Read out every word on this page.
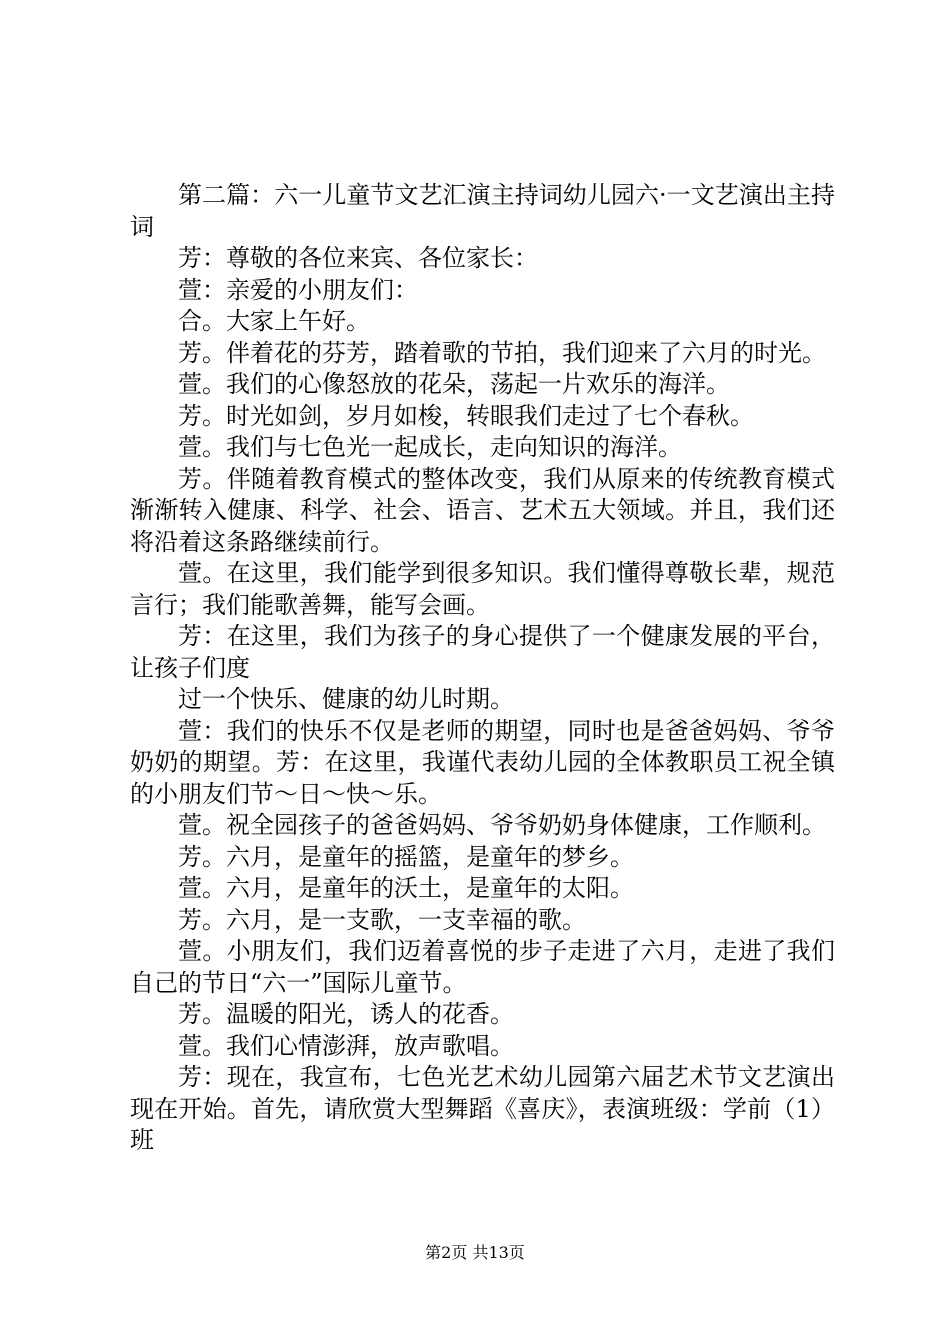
第二篇：六一儿童节文艺汇演主持词幼儿园六·一文艺演出主持词

芳：尊敬的各位来宾、各位家长：

萱：亲爱的小朋友们：

合。大家上午好。

芳。伴着花的芬芳，踏着歌的节拍，我们迎来了六月的时光。

萱。我们的心像怒放的花朵，荡起一片欢乐的海洋。

芳。时光如剑，岁月如梭，转眼我们走过了七个春秋。

萱。我们与七色光一起成长，走向知识的海洋。

芳。伴随着教育模式的整体改变，我们从原来的传统教育模式渐渐转入健康、科学、社会、语言、艺术五大领域。并且，我们还将沿着这条路继续前行。

萱。在这里，我们能学到很多知识。我们懂得尊敬长辈，规范言行；我们能歌善舞，能写会画。

芳：在这里，我们为孩子的身心提供了一个健康发展的平台，让孩子们度

过一个快乐、健康的幼儿时期。

萱：我们的快乐不仅是老师的期望，同时也是爸爸妈妈、爷爷奶奶的期望。芳：在这里，我谨代表幼儿园的全体教职员工祝全镇的小朋友们节～日～快～乐。

萱。祝全园孩子的爸爸妈妈、爷爷奶奶身体健康，工作顺利。

芳。六月，是童年的摇篮，是童年的梦乡。

萱。六月，是童年的沃土，是童年的太阳。

芳。六月，是一支歌，一支幸福的歌。

萱。小朋友们，我们迈着喜悦的步子走进了六月，走进了我们自己的节日“六一”国际儿童节。

芳。温暖的阳光，诱人的花香。

萱。我们心情澎湃，放声歌唱。

芳：现在，我宣布，七色光艺术幼儿园第六届艺术节文艺演出现在开始。首先，请欣赏大型舞蹈《喜庆》，表演班级：学前（1）班

第2页 共13页
